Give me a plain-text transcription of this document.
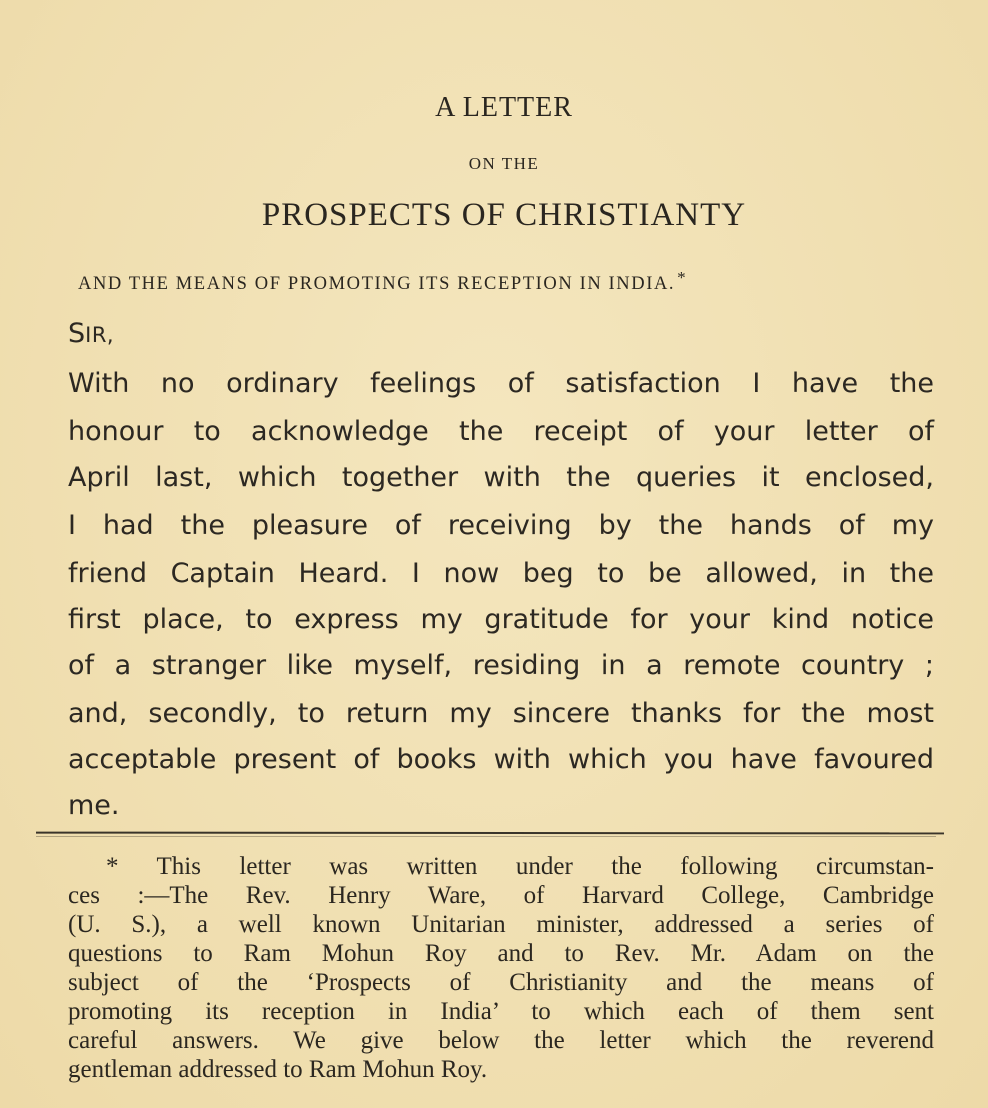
A LETTER
ON THE
PROSPECTS OF CHRISTIANTY
AND THE MEANS OF PROMOTING ITS RECEPTION IN INDIA. *
SIR,
With no ordinary feelings of satisfaction I have the
honour to acknowledge the receipt of your letter of
April last, which together with the queries it enclosed,
I had the pleasure of receiving by the hands of my
friend Captain Heard. I now beg to be allowed, in the
first place, to express my gratitude for your kind notice
of a stranger like myself, residing in a remote country ;
and, secondly, to return my sincere thanks for the most
acceptable present of books with which you have favoured
me.
* This letter was written under the following circumstan-
ces :—The Rev. Henry Ware, of Harvard College, Cambridge
(U. S.), a well known Unitarian minister, addressed a series of
questions to Ram Mohun Roy and to Rev. Mr. Adam on the
subject of the ‘Prospects of Christianity and the means of
promoting its reception in India’ to which each of them sent
careful answers. We give below the letter which the reverend
gentleman addressed to Ram Mohun Roy.
